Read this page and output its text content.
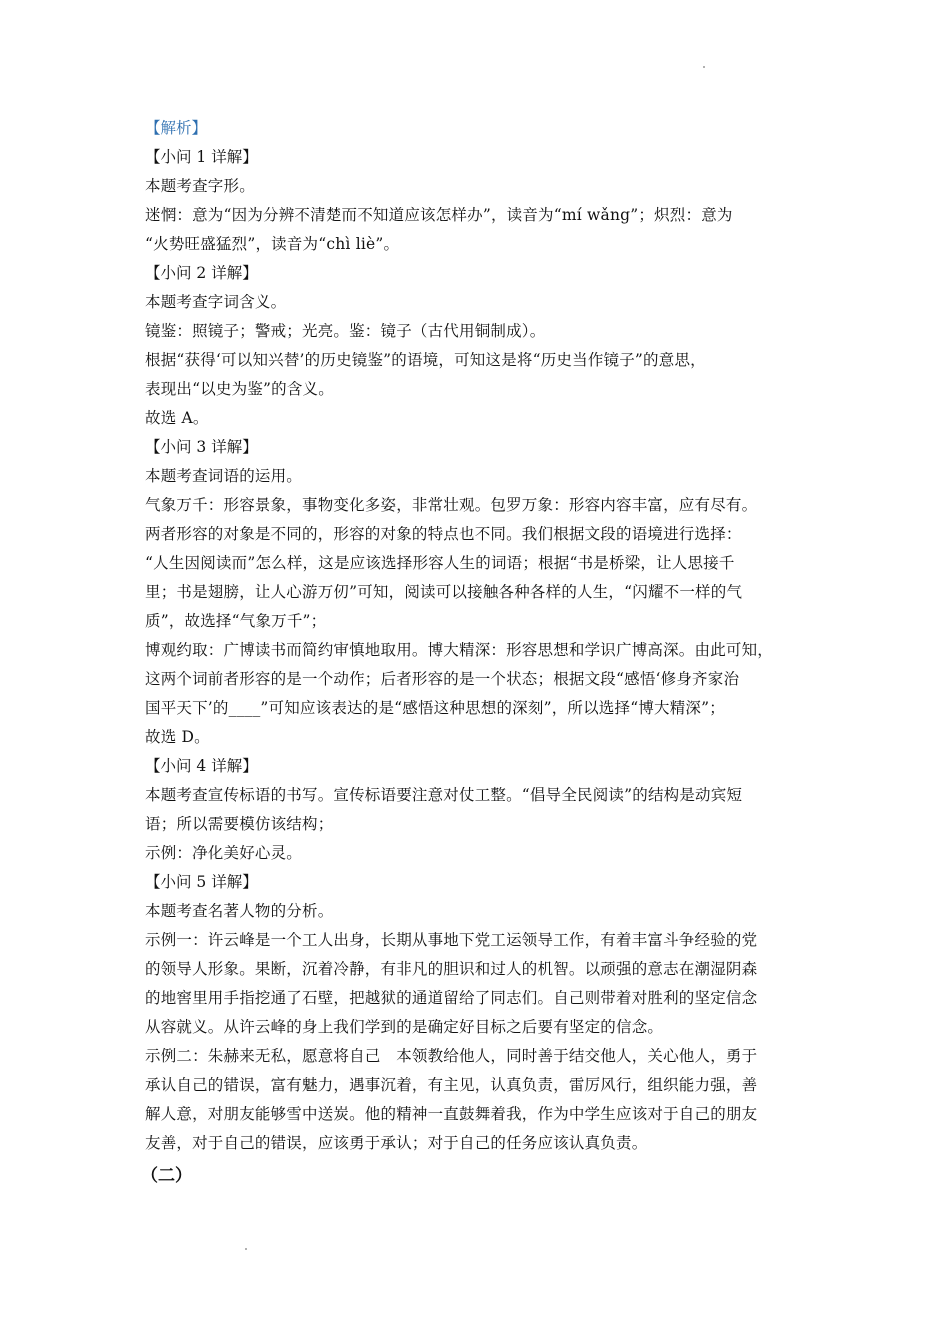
【解析】
【小问 1 详解】
本题考查字形。
迷惘：意为“因为分辨不清楚而不知道应该怎样办”，读音为“mí wǎng”；炽烈：意为
“火势旺盛猛烈”，读音为“chì liè”。
【小问 2 详解】
本题考查字词含义。
镜鉴：照镜子；警戒；光亮。鉴：镜子（古代用铜制成）。
根据“获得‘可以知兴替’的历史镜鉴”的语境，可知这是将“历史当作镜子”的意思，
表现出“以史为鉴”的含义。
故选 A。
【小问 3 详解】
本题考查词语的运用。
气象万千：形容景象，事物变化多姿，非常壮观。包罗万象：形容内容丰富，应有尽有。
两者形容的对象是不同的，形容的对象的特点也不同。我们根据文段的语境进行选择：
“人生因阅读而”怎么样，这是应该选择形容人生的词语；根据“书是桥梁，让人思接千
里；书是翅膀，让人心游万仞”可知，阅读可以接触各种各样的人生，“闪耀不一样的气
质”，故选择“气象万千”；
博观约取：广博读书而简约审慎地取用。博大精深：形容思想和学识广博高深。由此可知，
这两个词前者形容的是一个动作；后者形容的是一个状态；根据文段“感悟‘修身齐家治
国平天下’的____”可知应该表达的是“感悟这种思想的深刻”，所以选择“博大精深”；
故选 D。
【小问 4 详解】
本题考查宣传标语的书写。宣传标语要注意对仗工整。“倡导全民阅读”的结构是动宾短
语；所以需要模仿该结构；
示例：净化美好心灵。
【小问 5 详解】
本题考查名著人物的分析。
示例一：许云峰是一个工人出身，长期从事地下党工运领导工作，有着丰富斗争经验的党
的领导人形象。果断，沉着冷静，有非凡的胆识和过人的机智。以顽强的意志在潮湿阴森
的地窖里用手指挖通了石壁，把越狱的通道留给了同志们。自己则带着对胜利的坚定信念
从容就义。从许云峰的身上我们学到的是确定好目标之后要有坚定的信念。
示例二：朱赫来无私，愿意将自己　本领教给他人，同时善于结交他人，关心他人，勇于
承认自己的错误，富有魅力，遇事沉着，有主见，认真负责，雷厉风行，组织能力强，善
解人意，对朋友能够雪中送炭。他的精神一直鼓舞着我，作为中学生应该对于自己的朋友
友善，对于自己的错误，应该勇于承认；对于自己的任务应该认真负责。
（二）
